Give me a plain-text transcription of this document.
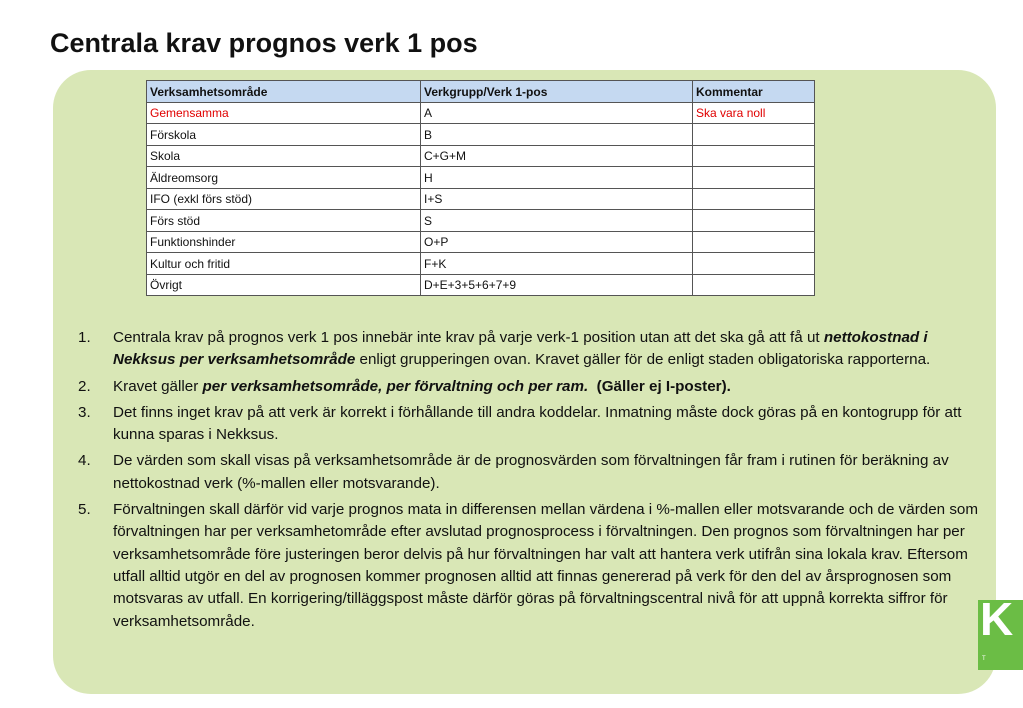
Centrala krav prognos verk 1 pos
K
T
Verksamhetsområde	Verkgrupp/Verk 1-pos	Kommentar
Gemensamma	A	Ska vara noll
Förskola	B	
Skola	C+G+M	
Äldreomsorg	H	
IFO (exkl förs stöd)	I+S	
Förs stöd	S	
Funktionshinder	O+P	
Kultur och fritid	F+K	
Övrigt	D+E+3+5+6+7+9	
1. Centrala krav på prognos verk 1 pos innebär inte krav på varje verk-1 position utan att det ska gå att få ut nettokostnad i Nekksus per verksamhetsområde enligt grupperingen ovan. Kravet gäller för de enligt staden obligatoriska rapporterna.
2. Kravet gäller per verksamhetsområde, per förvaltning och per ram.  (Gäller ej I-poster).
3. Det finns inget krav på att verk är korrekt i förhållande till andra koddelar. Inmatning måste dock göras på en kontogrupp för att kunna sparas i Nekksus.
4. De värden som skall visas på verksamhetsområde är de prognosvärden som förvaltningen får fram i rutinen för beräkning av nettokostnad verk (%-mallen eller motsvarande).
5. Förvaltningen skall därför vid varje prognos mata in differensen mellan värdena i %-mallen eller motsvarande och de värden som förvaltningen har per verksamhetområde efter avslutad prognosprocess i förvaltningen. Den prognos som förvaltningen har per verksamhetsområde före justeringen beror delvis på hur förvaltningen har valt att hantera verk utifrån sina lokala krav. Eftersom utfall alltid utgör en del av prognosen kommer prognosen alltid att finnas genererad på verk för den del av årsprognosen som motsvaras av utfall. En korrigering/tilläggspost måste därför göras på förvaltningscentral nivå för att uppnå korrekta siffror för verksamhetsområde.
